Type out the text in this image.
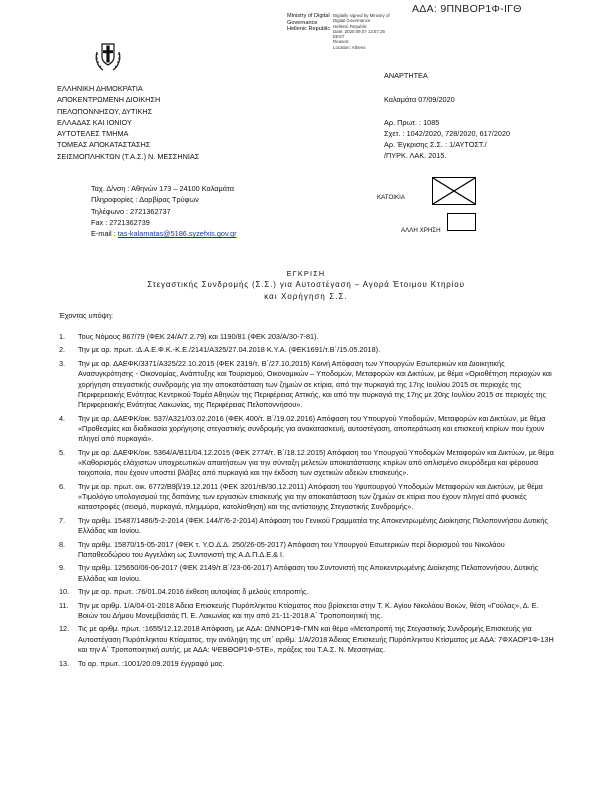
ΑΔΑ: 9ΠΝΒΟΡ1Φ-ΙΓΘ
Ministry of Digital
Governance
Hellenic Republic
Digitally signed by Ministry of
Digital Governance
Hellenic Republic
Date: 2020.09.07 13:57:26
EEST
Reason:
Location: Athens
ΕΛΛΗΝΙΚΗ ΔΗΜΟΚΡΑΤΙΑ
ΑΠΟΚΕΝΤΡΩΜΕΝΗ ΔΙΟΙΚΗΣΗ
ΠΕΛΟΠΟΝΝΗΣΟΥ, ΔΥΤΙΚΗΣ
ΕΛΛΑΔΑΣ ΚΑΙ ΙΟΝΙΟΥ
ΑΥΤΟΤΕΛΕΣ ΤΜΗΜΑ
ΤΟΜΕΑΣ ΑΠΟΚΑΤΑΣΤΑΣΗΣ
ΣΕΙΣΜΟΠΛΗΚΤΩΝ (Τ.Α.Σ.) Ν. ΜΕΣΣΗΝΙΑΣ
ΑΝΑΡΤΗΤΕΑ
Καλαμάτα 07/09/2020

Αρ. Πρωτ. : 1085
Σχετ. : 1042/2020, 728/2020, 617/2020
Αρ. Έγκρισης Σ.Σ. : 1/ΑΥΤΟΣΤ./
/ΠΥΡΚ. ΛΑΚ. 2015.
Ταχ. Δ/νση : Αθηνών 173 – 24100 Καλαμάτα
Πληροφορίες : Δαρβίρας Τρύφων
Τηλέφωνο : 2721362737
Fax : 2721362739
E-mail : tas-kalamatas@5186.syzefxis.gov.gr
ΚΑΤΟΙΚΙΑ
ΑΛΛΗ ΧΡΗΣΗ
ΕΓΚΡΙΣΗ
Στεγαστικής Συνδρομής (Σ.Σ.) για Αυτοστέγαση – Αγορά Έτοιμου Κτηρίου
και Χορήγηση Σ.Σ.
Έχοντας υπόψη:
1.	Τους Νόμους 867/79 (ΦΕΚ 24/Α/7.2.79) και 1190/81 (ΦΕΚ 203/Α/30-7-81).
2.	Την με αρ. πρωτ. :Δ.Α.Ε.Φ.Κ.-Κ.Ε./2141/Α325/27.04.2018 Κ.Υ.Α. (ΦΕΚ1691/τ.Β΄/15.05.2018).
3.	Την με αρ. ΔΑΕΦΚ/3371/Α325/22.10.2015 (ΦΕΚ 2319/τ. Β΄/27.10.2015) Κοινή Απόφαση των Υπουργών Εσωτερικών και Διοικητικής Ανασυγκρότησης - Οικονομίας, Ανάπτυξης και Τουρισμού, Οικονομικών – Υποδομών, Μεταφορών και Δικτύων, με θέμα «Οριοθέτηση περιοχών και χορήγηση στεγαστικής συνδρομής για την αποκατάσταση των ζημιών σε κτίρια, από την πυρκαγιά της 17ης Ιουλίου 2015 σε περιοχές της Περιφερειακής Ενότητας Κεντρικού Τομέα Αθηνών της Περιφέρειας Αττικής, και από την πυρκαγιά της 17ης με 20ης Ιουλίου 2015 σε περιοχές της Περιφερειακής Ενότητας Λακωνίας, της Περιφέρειας Πελοποννήσου».
4.	Την με αρ. ΔΑΕΦΚ/οικ. 537/Α321/03.02.2016 (ΦΕΚ 400/τ. Β΄/19.02.2016) Απόφαση του Υπουργού Υποδομών, Μεταφορών και Δικτύων, με θέμα «Προθεσμίες και διαδικασία χορήγησης στεγαστικής συνδρομής για ανακατασκευή, αυτοστέγαση, αποπεράτωση και επισκευή κτιρίων που έχουν πληγεί από πυρκαγιά».
5.	Την με αρ. ΔΑΕΦΚ/οικ. 5364/Α/Β11/04.12.2015 (ΦΕΚ 2774/τ. Β΄/18.12.2015) Απόφαση του Υπουργού Υποδομών Μεταφορών και Δικτύων, με θέμα «Καθορισμός ελάχιστων υποχρεωτικών απαιτήσεων για την σύνταξη μελετών αποκατάστασης κτιρίων από οπλισμένο σκυρόδεμα και φέρουσα τοιχοποιία, που έχουν υποστεί βλάβες από πυρκαγιά και την έκδοση των σχετικών αδειών επισκευής».
6.	Την με αρ. πρωτ. οικ. 6772/Β9β/19.12.2011 (ΦΕΚ 3201/τΒ/30.12.2011) Απόφαση του Υφυπουργού Υποδομών Μεταφορών και Δικτύων, με θέμα «Τιμολόγιο υπολογισμού της δαπάνης των εργασιών επισκευής για την αποκατάσταση των ζημιών σε κτίρια που έχουν πληγεί από φυσικές καταστροφές (σεισμό, πυρκαγιά, πλημμύρα, κατολίσθηση) και της αντίστοιχης Στεγαστικής Συνδρομής».
7.	Την αριθμ. 15487/1486/5-2-2014 (ΦΕΚ 144/Γ/6-2-2014) Απόφαση του Γενικού Γραμματέα της Αποκεντρωμένης Διοίκησης Πελοποννήσου Δυτικής Ελλάδας και Ιονίου.
8.	Την αριθμ. 15870/15-05-2017 (ΦΕΚ τ. Υ.Ο.Δ.Δ. 250/26-05-2017) Απόφαση του Υπουργού Εσωτερικών περί διορισμού του Νικολάου Παπαθεοδώρου του Αγγελάκη ως Συντονιστή της Α.Δ.Π.Δ.Ε.& Ι.
9.	Την αριθμ. 125650/06-06-2017 (ΦΕΚ 2149/τ.Β΄/23-06-2017) Απόφαση του Συντονιστή της Αποκεντρωμένης Διοίκησης Πελοποννήσου, Δυτικής Ελλάδας και Ιονίου.
10.	Την με αρ. πρωτ. :76/01.04.2016 έκθεση αυτοψίας δ μελούς επιτροπής.
11.	Την με αριθμ. 1/Α/04-01-2018 Άδεια Επισκευής Πυρόπληκτου Κτίσματος που βρίσκεται στην Τ. Κ. Αγίου Νικολάου Βοιών, θέση «Γούλας», Δ. Ε. Βοιών του Δήμου Μονεμβασιάς Π. Ε. Λακωνίας και την από 21-11-2018 Α΄ Τροποποιητική της.
12.	Τις με αριθμ. πρωτ. :1655/12.12.2018 Απόφαση, με ΑΔΑ: ΩΝΝΟΡ1Φ-ΓΜΝ και θέμα «Μεταπροπή της Στεγαστικής Συνδρομής Επισκευής για Αυτοστέγαση Πυρόπληκτου Κτίσματος, την ανάληψη της υπ΄ αριθμ. 1/Α/2018 Άδειας Επισκευής Πυρόπληκτου Κτίσματος με ΑΔΑ: 7ΦΧΑΟΡ1Φ-13Η και την Α΄ Τροποποιητική αυτής, με ΑΔΑ: ΨΕΒΘΟΡ1Φ-5ΤΕ», πράξεις του Τ.Α.Σ. Ν. Μεσσηνίας.
13.	Το αρ. πρωτ. :1001/20.09.2019 έγγραφό μας.
